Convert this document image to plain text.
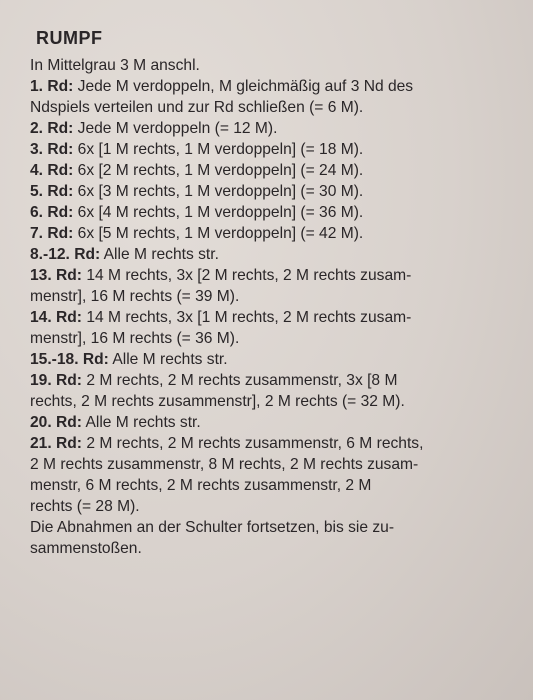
RUMPF
In Mittelgrau 3 M anschl.
1. Rd: Jede M verdoppeln, M gleichmäßig auf 3 Nd des
Ndspiels verteilen und zur Rd schließen (= 6 M).
2. Rd: Jede M verdoppeln (= 12 M).
3. Rd: 6x [1 M rechts, 1 M verdoppeln] (= 18 M).
4. Rd: 6x [2 M rechts, 1 M verdoppeln] (= 24 M).
5. Rd: 6x [3 M rechts, 1 M verdoppeln] (= 30 M).
6. Rd: 6x [4 M rechts, 1 M verdoppeln] (= 36 M).
7. Rd: 6x [5 M rechts, 1 M verdoppeln] (= 42 M).
8.-12. Rd: Alle M rechts str.
13. Rd: 14 M rechts, 3x [2 M rechts, 2 M rechts zusam-
menstr], 16 M rechts (= 39 M).
14. Rd: 14 M rechts, 3x [1 M rechts, 2 M rechts zusam-
menstr], 16 M rechts (= 36 M).
15.-18. Rd: Alle M rechts str.
19. Rd: 2 M rechts, 2 M rechts zusammenstr, 3x [8 M
rechts, 2 M rechts zusammenstr], 2 M rechts (= 32 M).
20. Rd: Alle M rechts str.
21. Rd: 2 M rechts, 2 M rechts zusammenstr, 6 M rechts,
2 M rechts zusammenstr, 8 M rechts, 2 M rechts zusam-
menstr, 6 M rechts, 2 M rechts zusammenstr, 2 M
rechts (= 28 M).
Die Abnahmen an der Schulter fortsetzen, bis sie zu-
sammenstoßen.
